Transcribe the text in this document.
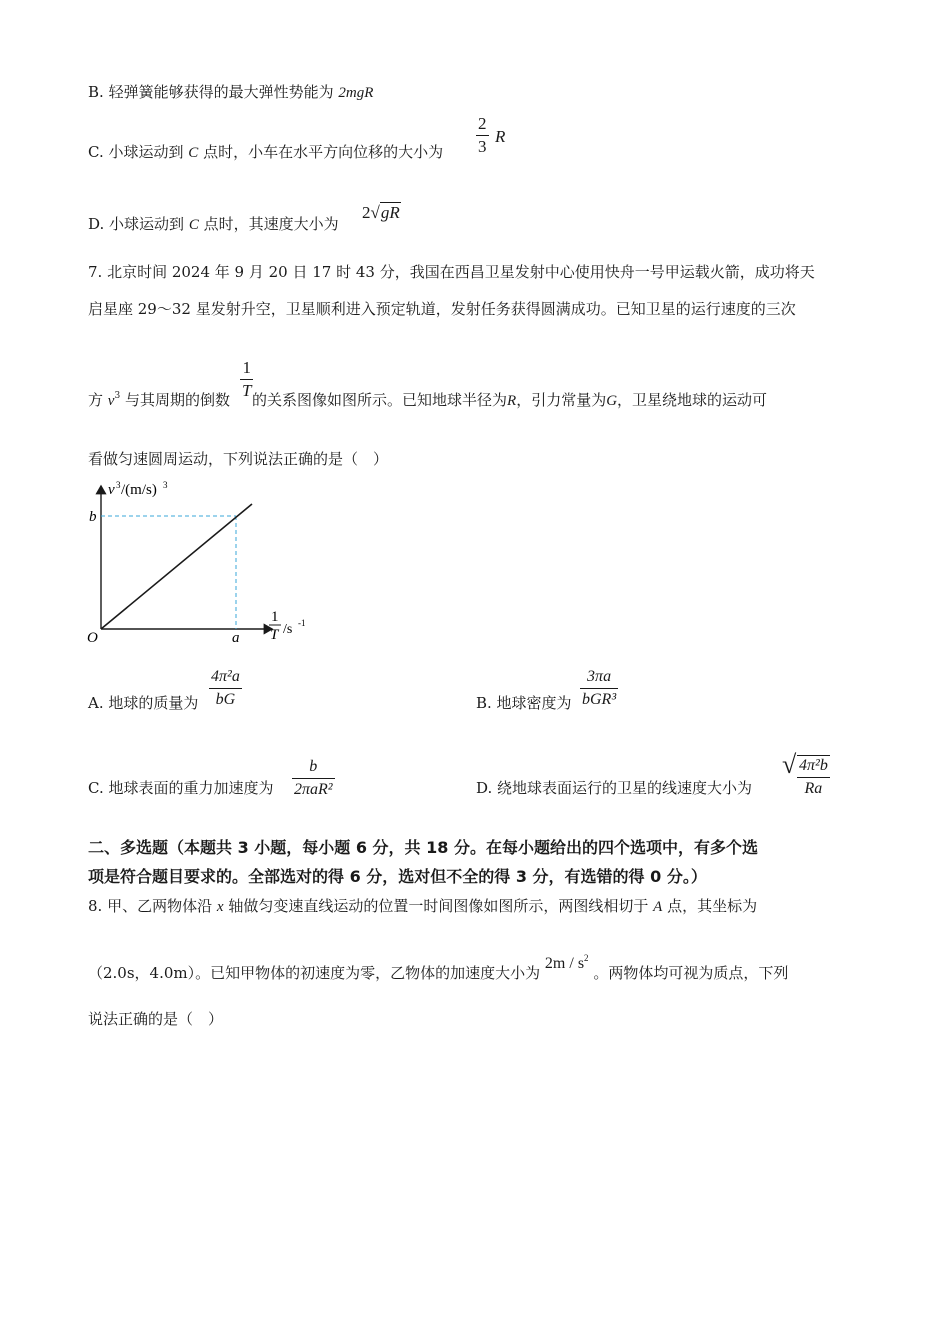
B. 轻弹簧能够获得的最大弹性势能为 2mgR
C. 小球运动到 C 点时，小车在水平方向位移的大小为 $\frac{2}{3}$ R
D. 小球运动到 C 点时，其速度大小为
2√gR
7. 北京时间 2024 年 9 月 20 日 17 时 43 分，我国在西昌卫星发射中心使用快舟一号甲运载火箭，成功将天
启星座 29～32 星发射升空，卫星顺利进入预定轨道，发射任务获得圆满成功。已知卫星的运行速度的三次
方 $v^3$ 与其周期的倒数 的关系图像如图所示。已知地球半径为R，引力常量为G，卫星绕地球的运动可
$\frac{1}{T}$
看做匀速圆周运动，下列说法正确的是（　）
v 3 /(m/s) 3
b
O	a
1
T /s -1
A. 地球的质量为 $\frac{\text{4π²a}}{bG}$	B. 地球密度为
3πa
bGR³
C. 地球表面的重力加速度为
b
2πaR²	D. 绕地球表面运行的卫星的线速度大小为
√ $\frac{\text{4π²b}}{Ra}$
二、多选题（本题共 3 小题，每小题 6 分，共 18 分。在每小题给出的四个选项中，有多个选
项是符合题目要求的。全部选对的得 6 分，选对但不全的得 3 分，有选错的得 0 分。）
8. 甲、乙两物体沿 x 轴做匀变速直线运动的位置一时间图像如图所示，两图线相切于 A 点，其坐标为
（2.0s，4.0m）。已知甲物体的初速度为零，乙物体的加速度大小为 $2m / s^2$ 。两物体均可视为质点，下列
说法正确的是（　）
